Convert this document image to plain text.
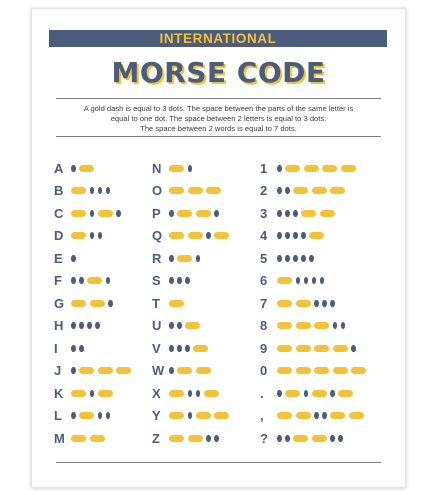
INTERNATIONAL
MORSE CODE
A gold dash is equal to 3 dots. The space between the parts of the same letter is
equal to one dot. The space between 2 letters is equal to 3 dots.
The space between 2 words is equal to 7 dots.
A
B
C
D
E
F
G
H
I
J
K
L
M
N
O
P
Q
R
S
T
U
V
W
X
Y
Z
1
2
3
4
5
6
7
8
9
0
.
,
?
